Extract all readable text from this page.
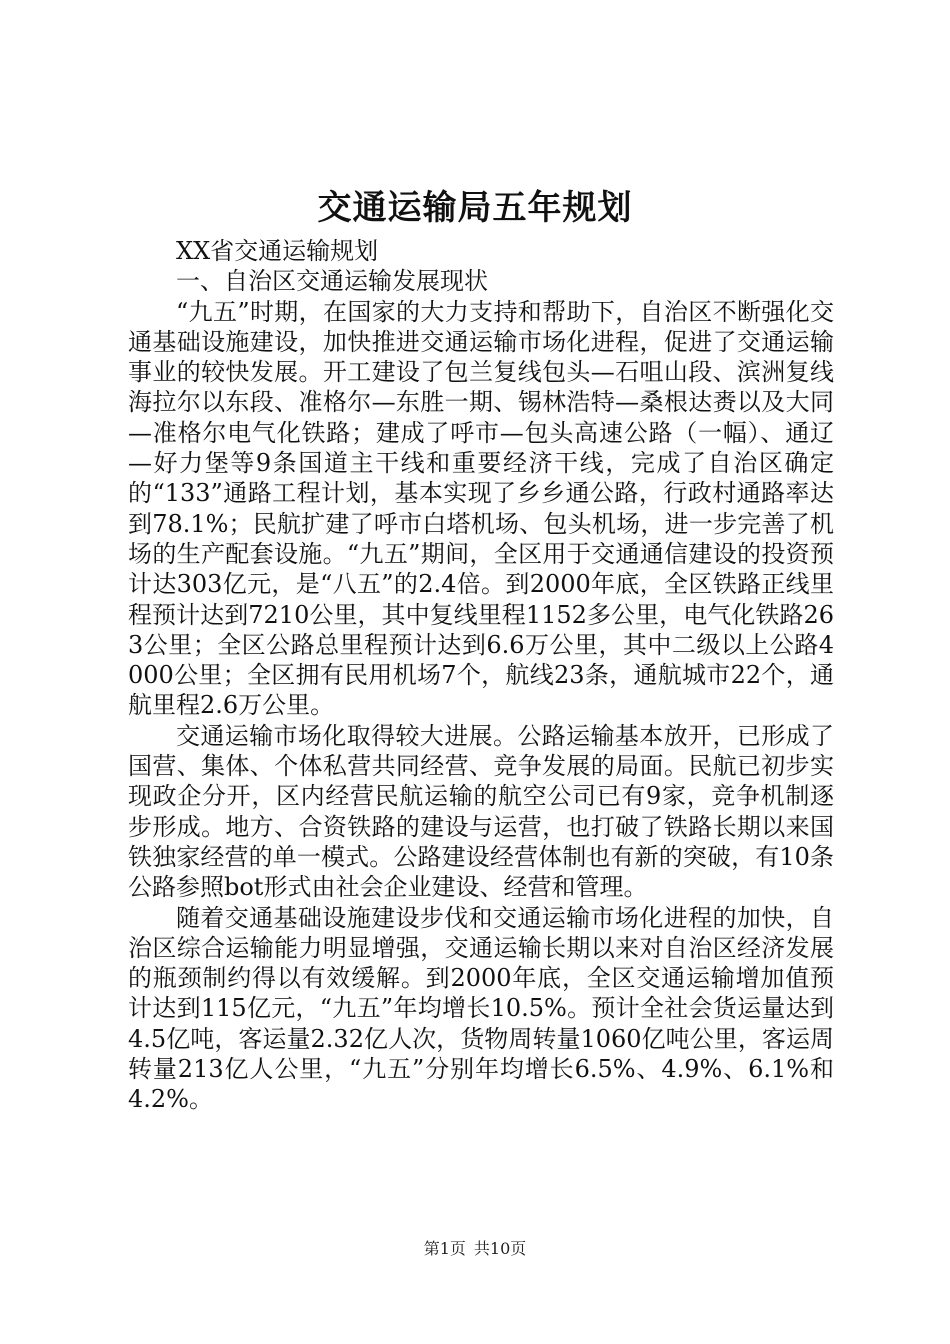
交通运输局五年规划

XX省交通运输规划

一、自治区交通运输发展现状

“九五”时期，在国家的大力支持和帮助下，自治区不断强化交通基础设施建设，加快推进交通运输市场化进程，促进了交通运输事业的较快发展。开工建设了包兰复线包头—石咀山段、滨洲复线海拉尔以东段、准格尔—东胜一期、锡林浩特—桑根达赉以及大同—准格尔电气化铁路；建成了呼市—包头高速公路（一幅）、通辽—好力堡等9条国道主干线和重要经济干线，完成了自治区确定的“133”通路工程计划，基本实现了乡乡通公路，行政村通路率达到78.1%；民航扩建了呼市白塔机场、包头机场，进一步完善了机场的生产配套设施。“九五”期间，全区用于交通通信建设的投资预计达303亿元，是“八五”的2.4倍。到2000年底，全区铁路正线里程预计达到7210公里，其中复线里程1152多公里，电气化铁路263公里；全区公路总里程预计达到6.6万公里，其中二级以上公路4000公里；全区拥有民用机场7个，航线23条，通航城市22个，通航里程2.6万公里。

交通运输市场化取得较大进展。公路运输基本放开，已形成了国营、集体、个体私营共同经营、竞争发展的局面。民航已初步实现政企分开，区内经营民航运输的航空公司已有9家，竞争机制逐步形成。地方、合资铁路的建设与运营，也打破了铁路长期以来国铁独家经营的单一模式。公路建设经营体制也有新的突破，有10条公路参照bot形式由社会企业建设、经营和管理。

随着交通基础设施建设步伐和交通运输市场化进程的加快，自治区综合运输能力明显增强，交通运输长期以来对自治区经济发展的瓶颈制约得以有效缓解。到2000年底，全区交通运输增加值预计达到115亿元，“九五”年均增长10.5%。预计全社会货运量达到4.5亿吨，客运量2.32亿人次，货物周转量1060亿吨公里，客运周转量213亿人公里，“九五”分别年均增长6.5%、4.9%、6.1%和4.2%。

第1页 共10页
